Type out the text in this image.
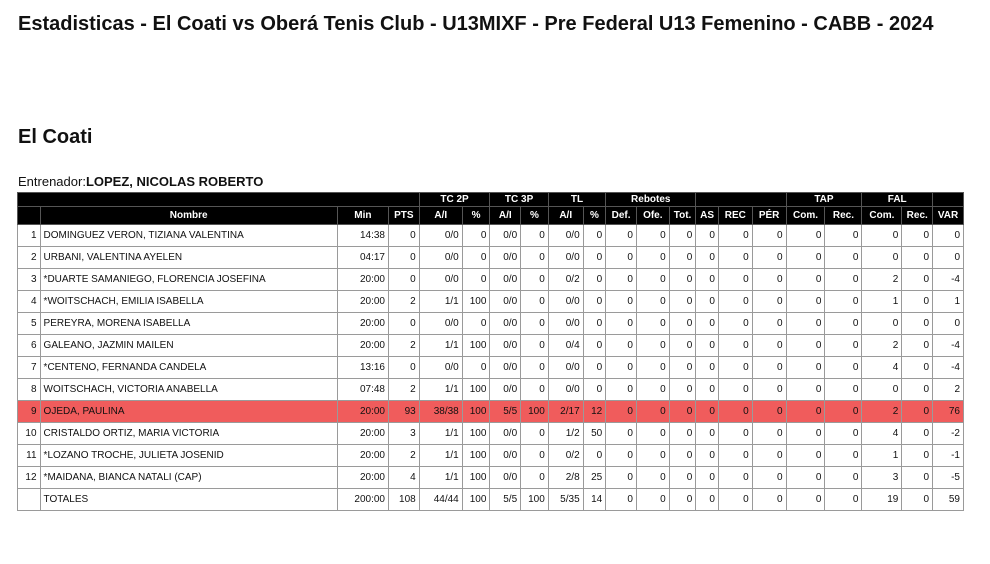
Estadisticas - El Coati vs Oberá Tenis Club - U13MIXF - Pre Federal U13 Femenino - CABB - 2024
El Coati
Entrenador:LOPEZ, NICOLAS ROBERTO
				TC 2P		TC 3P		TL		Rebotes						TAP		FAL		
	Nombre	Min	PTS	A/I	%	A/I	%	A/I	%	Def.	Ofe.	Tot.	AS	REC	PÉR	Com.	Rec.	Com.	Rec.	VAR
1	DOMINGUEZ VERON, TIZIANA VALENTINA	14:38	0	0/0	0	0/0	0	0/0	0	0	0	0	0	0	0	0	0	0	0	0
2	URBANI, VALENTINA AYELEN	04:17	0	0/0	0	0/0	0	0/0	0	0	0	0	0	0	0	0	0	0	0	0
3	*DUARTE SAMANIEGO, FLORENCIA JOSEFINA	20:00	0	0/0	0	0/0	0	0/2	0	0	0	0	0	0	0	0	0	2	0	-4
4	*WOITSCHACH, EMILIA ISABELLA	20:00	2	1/1	100	0/0	0	0/0	0	0	0	0	0	0	0	0	0	1	0	1
5	PEREYRA, MORENA ISABELLA	20:00	0	0/0	0	0/0	0	0/0	0	0	0	0	0	0	0	0	0	0	0	0
6	GALEANO, JAZMIN MAILEN	20:00	2	1/1	100	0/0	0	0/4	0	0	0	0	0	0	0	0	0	2	0	-4
7	*CENTENO, FERNANDA CANDELA	13:16	0	0/0	0	0/0	0	0/0	0	0	0	0	0	0	0	0	0	4	0	-4
8	WOITSCHACH, VICTORIA ANABELLA	07:48	2	1/1	100	0/0	0	0/0	0	0	0	0	0	0	0	0	0	0	0	2
9	OJEDA, PAULINA	20:00	93	38/38	100	5/5	100	2/17	12	0	0	0	0	0	0	0	0	2	0	76
10	CRISTALDO ORTIZ, MARIA VICTORIA	20:00	3	1/1	100	0/0	0	1/2	50	0	0	0	0	0	0	0	0	4	0	-2
11	*LOZANO TROCHE, JULIETA JOSENID	20:00	2	1/1	100	0/0	0	0/2	0	0	0	0	0	0	0	0	0	1	0	-1
12	*MAIDANA, BIANCA NATALI (CAP)	20:00	4	1/1	100	0/0	0	2/8	25	0	0	0	0	0	0	0	0	3	0	-5
	TOTALES	200:00	108	44/44	100	5/5	100	5/35	14	0	0	0	0	0	0	0	0	19	0	59
